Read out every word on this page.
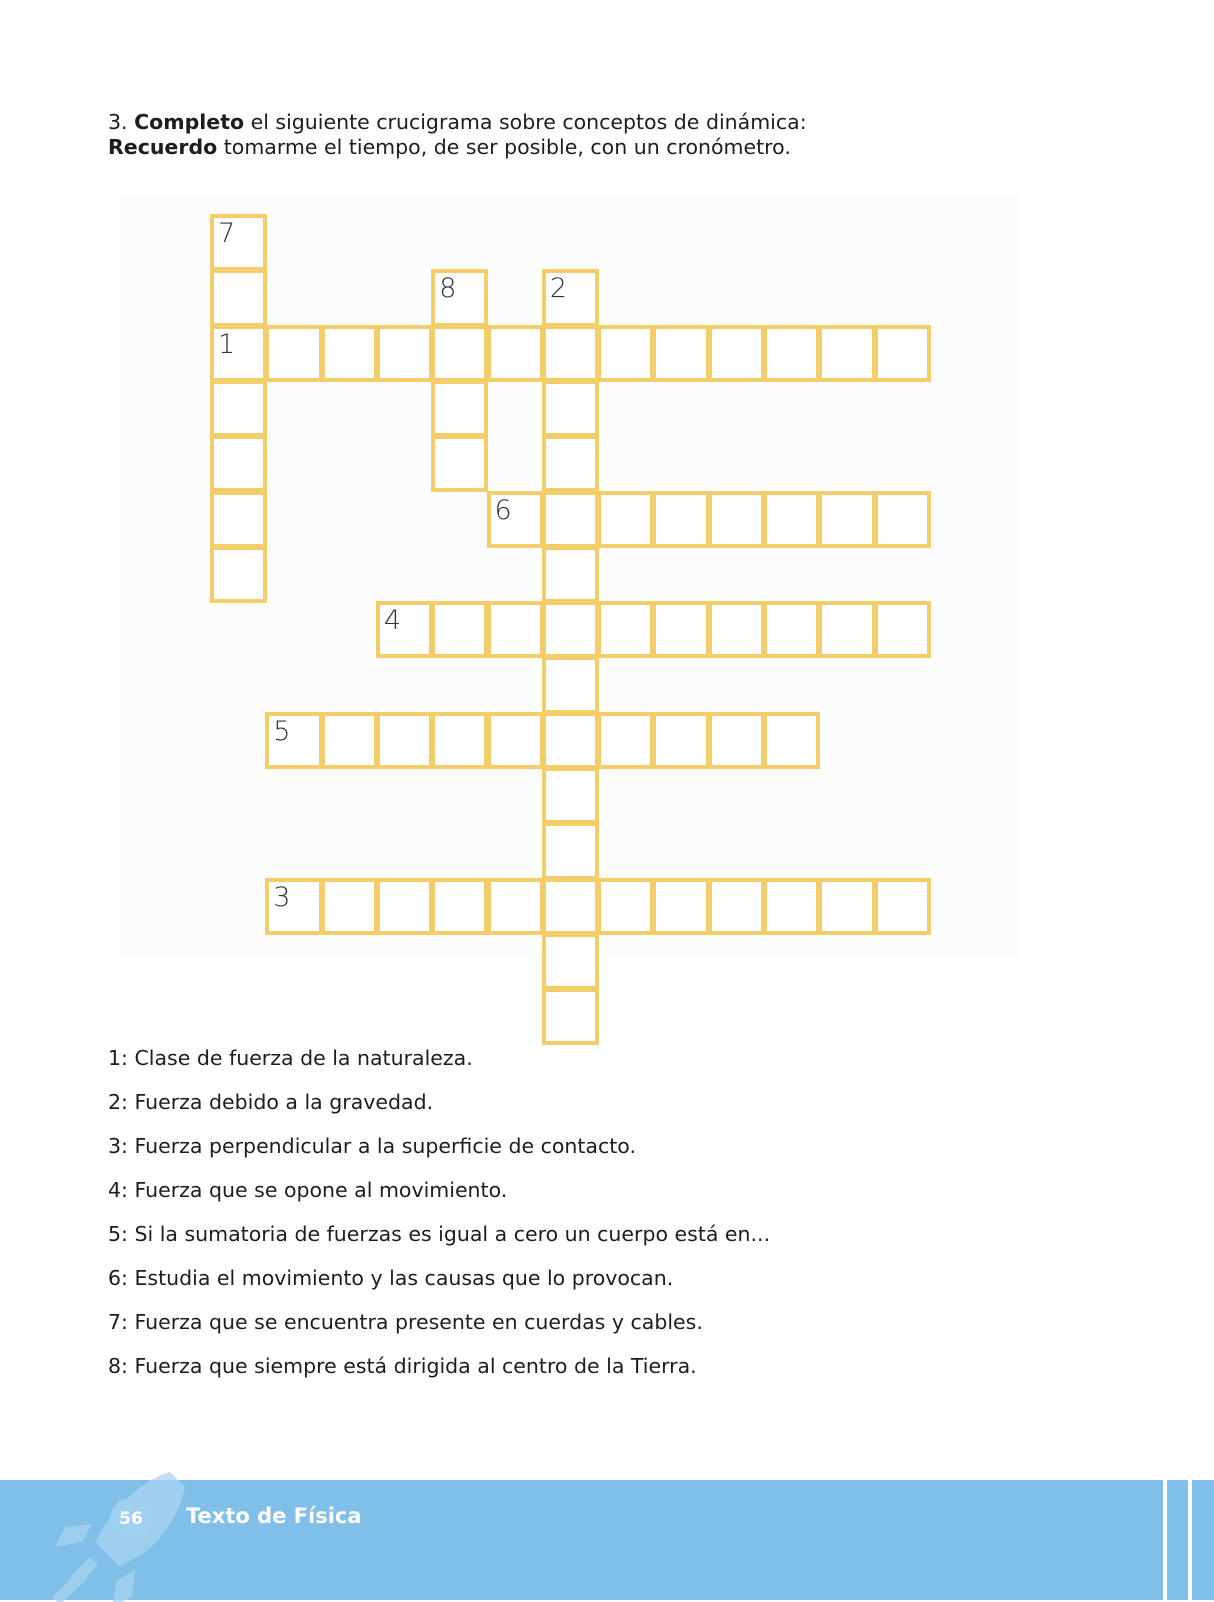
3. Completo el siguiente crucigrama sobre conceptos de dinámica:

Recuerdo tomarme el tiempo, de ser posible, con un cronómetro.

7
1
8	2
6
4
5
3

1: Clase de fuerza de la naturaleza.

2: Fuerza debido a la gravedad.

3: Fuerza perpendicular a la superficie de contacto.

4: Fuerza que se opone al movimiento.

5: Si la sumatoria de fuerzas es igual a cero un cuerpo está en...

6: Estudia el movimiento y las causas que lo provocan.

7: Fuerza que se encuentra presente en cuerdas y cables.

8: Fuerza que siempre está dirigida al centro de la Tierra.

56	Texto de Física
